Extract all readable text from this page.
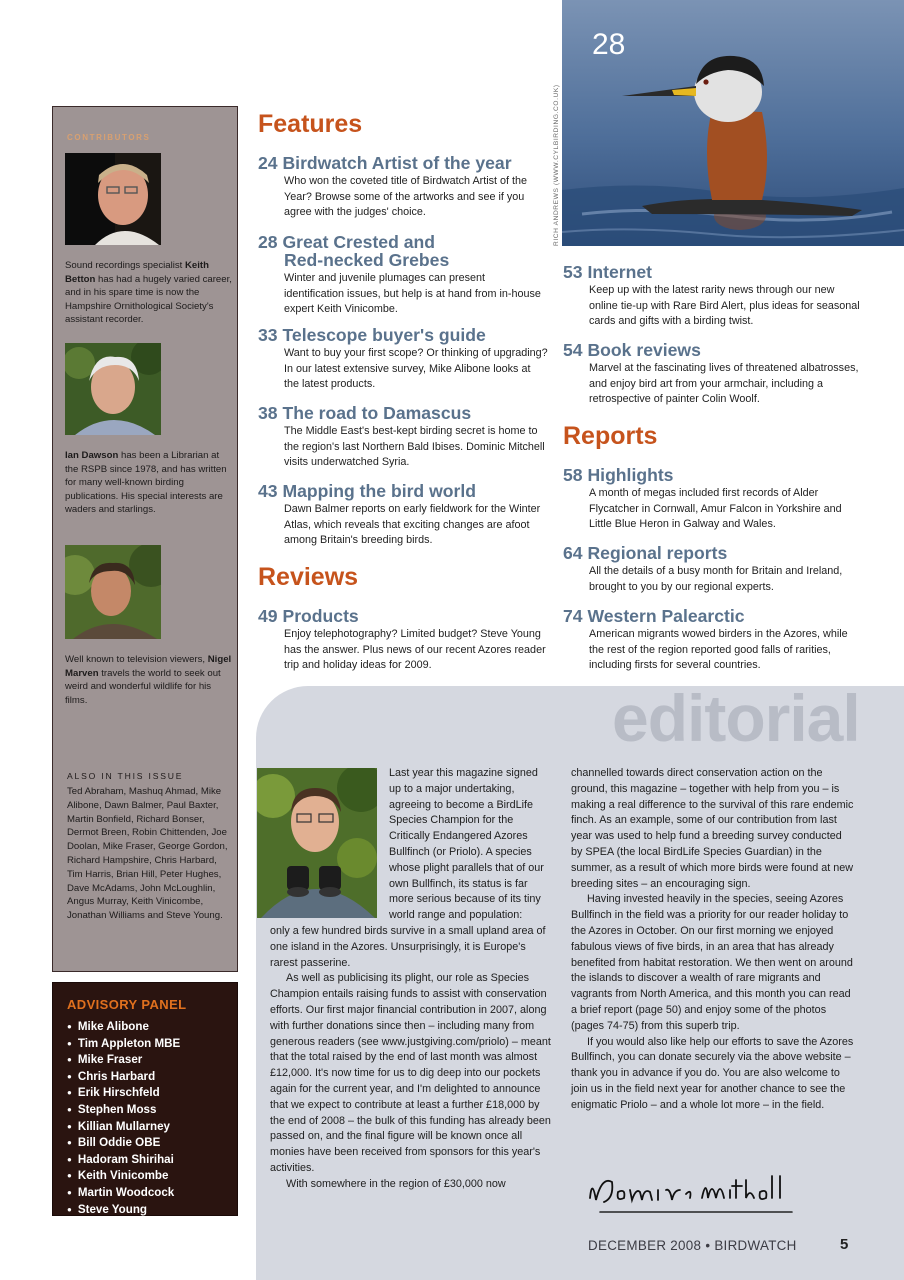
CONTRIBUTORS
Sound recordings specialist Keith Betton has had a hugely varied career, and in his spare time is now the Hampshire Ornithological Society's assistant recorder.
Ian Dawson has been a Librarian at the RSPB since 1978, and has written for many well-known birding publications. His special interests are waders and starlings.
Well known to television viewers, Nigel Marven travels the world to seek out weird and wonderful wildlife for his films.
ALSO IN THIS ISSUE
Ted Abraham, Mashuq Ahmad, Mike Alibone, Dawn Balmer, Paul Baxter, Martin Bonfield, Richard Bonser, Dermot Breen, Robin Chittenden, Joe Doolan, Mike Fraser, George Gordon, Richard Hampshire, Chris Harbard, Tim Harris, Brian Hill, Peter Hughes, Dave McAdams, John McLoughlin, Angus Murray, Keith Vinicombe, Jonathan Williams and Steve Young.
ADVISORY PANEL
● Mike Alibone
● Tim Appleton MBE
● Mike Fraser
● Chris Harbard
● Erik Hirschfeld
● Stephen Moss
● Killian Mullarney
● Bill Oddie OBE
● Hadoram Shirihai
● Keith Vinicombe
● Martin Woodcock
● Steve Young
Features
24 Birdwatch Artist of the year
Who won the coveted title of Birdwatch Artist of the Year? Browse some of the artworks and see if you agree with the judges' choice.
28 Great Crested and
Red-necked Grebes
Winter and juvenile plumages can present identification issues, but help is at hand from in-house expert Keith Vinicombe.
33 Telescope buyer's guide
Want to buy your first scope? Or thinking of upgrading? In our latest extensive survey, Mike Alibone looks at the latest products.
38 The road to Damascus
The Middle East's best-kept birding secret is home to the region's last Northern Bald Ibises. Dominic Mitchell visits underwatched Syria.
43 Mapping the bird world
Dawn Balmer reports on early fieldwork for the Winter Atlas, which reveals that exciting changes are afoot among Britain's breeding birds.
Reviews
49 Products
Enjoy telephotography? Limited budget? Steve Young has the answer. Plus news of our recent Azores reader trip and holiday ideas for 2009.
53 Internet
Keep up with the latest rarity news through our new online tie-up with Rare Bird Alert, plus ideas for seasonal cards and gifts with a birding twist.
54 Book reviews
Marvel at the fascinating lives of threatened albatrosses, and enjoy bird art from your armchair, including a retrospective of painter Colin Woolf.
Reports
58 Highlights
A month of megas included first records of Alder Flycatcher in Cornwall, Amur Falcon in Yorkshire and Little Blue Heron in Galway and Wales.
64 Regional reports
All the details of a busy month for Britain and Ireland, brought to you by our regional experts.
74 Western Palearctic
American migrants wowed birders in the Azores, while the rest of the region reported good falls of rarities, including firsts for several countries.
28
RICH ANDREWS (WWW.CYLBIRDING.CO.UK)
editorial

Last year this magazine signed up to a major undertaking, agreeing to become a BirdLife Species Champion for the Critically Endangered Azores Bullfinch (or Priolo). A species whose plight parallels that of our own Bullfinch, its status is far more serious because of its tiny world range and population:

only a few hundred birds survive in a small upland area of one island in the Azores. Unsurprisingly, it is Europe's rarest passerine.

As well as publicising its plight, our role as Species Champion entails raising funds to assist with conservation efforts. Our first major financial contribution in 2007, along with further donations since then – including many from generous readers (see www.justgiving.com/priolo) – meant that the total raised by the end of last month was almost £12,000. It's now time for us to dig deep into our pockets again for the current year, and I'm delighted to announce that we expect to contribute at least a further £18,000 by the end of 2008 – the bulk of this funding has already been passed on, and the final figure will be known once all monies have been received from sponsors for this year's activities.

With somewhere in the region of £30,000 now

channelled towards direct conservation action on the ground, this magazine – together with help from you – is making a real difference to the survival of this rare endemic finch. As an example, some of our contribution from last year was used to help fund a breeding survey conducted by SPEA (the local BirdLife Species Guardian) in the summer, as a result of which more birds were found at new breeding sites – an encouraging sign.

Having invested heavily in the species, seeing Azores Bullfinch in the field was a priority for our reader holiday to the Azores in October. On our first morning we enjoyed fabulous views of five birds, in an area that has already benefited from habitat restoration. We then went on around the islands to discover a wealth of rare migrants and vagrants from North America, and this month you can read a brief report (page 50) and enjoy some of the photos (pages 74-75) from this superb trip.

If you would also like help our efforts to save the Azores Bullfinch, you can donate securely via the above website – thank you in advance if you do. You are also welcome to join us in the field next year for another chance to see the enigmatic Priolo – and a whole lot more – in the field.

DECEMBER 2008 • BIRDWATCH	5
